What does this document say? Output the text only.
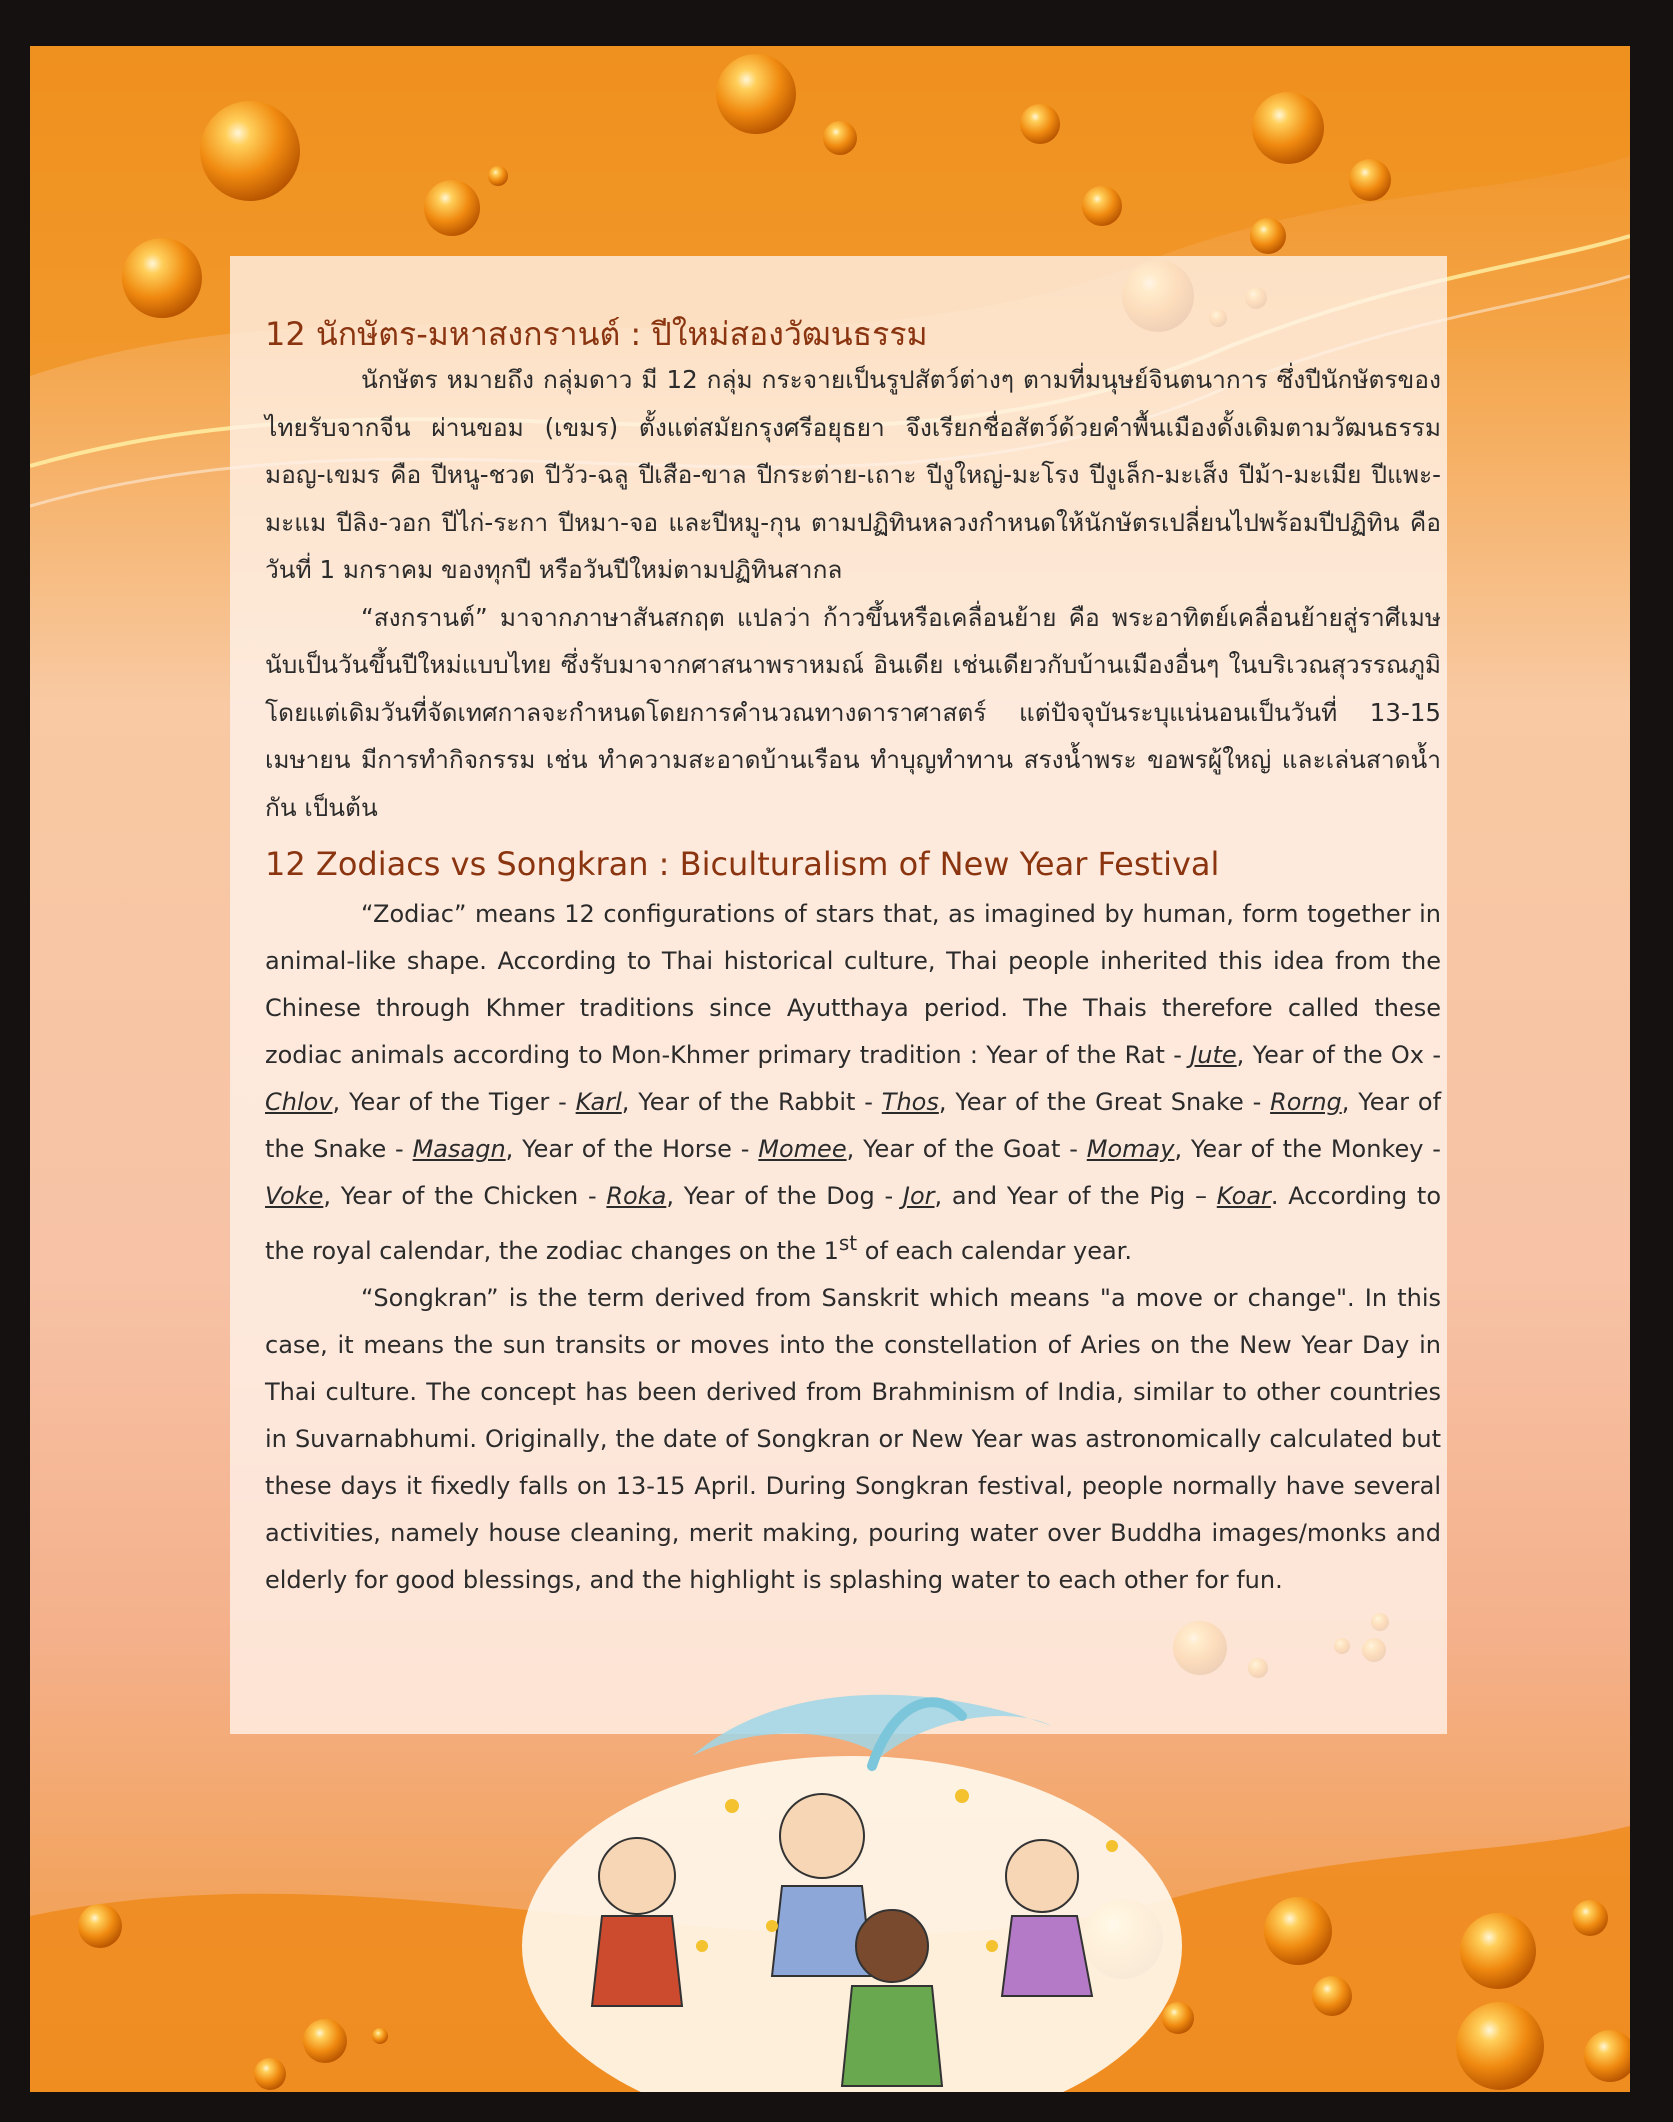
12 นักษัตร-มหาสงกรานต์ : ปีใหม่สองวัฒนธรรม

นักษัตร หมายถึง กลุ่มดาว มี 12 กลุ่ม กระจายเป็นรูปสัตว์ต่างๆ ตามที่มนุษย์จินตนาการ ซึ่งปีนักษัตรของไทยรับจากจีน ผ่านขอม (เขมร) ตั้งแต่สมัยกรุงศรีอยุธยา จึงเรียกชื่อสัตว์ด้วยคำพื้นเมืองดั้งเดิมตามวัฒนธรรมมอญ-เขมร คือ ปีหนู-ชวด ปีวัว-ฉลู ปีเสือ-ขาล ปีกระต่าย-เถาะ ปีงูใหญ่-มะโรง ปีงูเล็ก-มะเส็ง ปีม้า-มะเมีย ปีแพะ-มะแม ปีลิง-วอก ปีไก่-ระกา ปีหมา-จอ และปีหมู-กุน ตามปฏิทินหลวงกำหนดให้นักษัตรเปลี่ยนไปพร้อมปีปฏิทิน คือ วันที่ 1 มกราคม ของทุกปี หรือวันปีใหม่ตามปฏิทินสากล

“สงกรานต์” มาจากภาษาสันสกฤต แปลว่า ก้าวขึ้นหรือเคลื่อนย้าย คือ พระอาทิตย์เคลื่อนย้ายสู่ราศีเมษ นับเป็นวันขึ้นปีใหม่แบบไทย ซึ่งรับมาจากศาสนาพราหมณ์ อินเดีย เช่นเดียวกับบ้านเมืองอื่นๆ ในบริเวณสุวรรณภูมิ โดยแต่เดิมวันที่จัดเทศกาลจะกำหนดโดยการคำนวณทางดาราศาสตร์ แต่ปัจจุบันระบุแน่นอนเป็นวันที่ 13-15 เมษายน มีการทำกิจกรรม เช่น ทำความสะอาดบ้านเรือน ทำบุญทำทาน สรงน้ำพระ ขอพรผู้ใหญ่ และเล่นสาดน้ำกัน เป็นต้น

12 Zodiacs vs Songkran : Biculturalism of New Year Festival

“Zodiac” means 12 configurations of stars that, as imagined by human, form together in animal-like shape. According to Thai historical culture, Thai people inherited this idea from the Chinese through Khmer traditions since Ayutthaya period. The Thais therefore called these zodiac animals according to Mon-Khmer primary tradition : Year of the Rat - Jute, Year of the Ox - Chlov, Year of the Tiger - Karl, Year of the Rabbit - Thos, Year of the Great Snake - Rorng, Year of the Snake - Masagn, Year of the Horse - Momee, Year of the Goat - Momay, Year of the Monkey - Voke, Year of the Chicken - Roka, Year of the Dog - Jor, and Year of the Pig – Koar. According to the royal calendar, the zodiac changes on the 1st of each calendar year.

“Songkran” is the term derived from Sanskrit which means "a move or change". In this case, it means the sun transits or moves into the constellation of Aries on the New Year Day in Thai culture. The concept has been derived from Brahminism of India, similar to other countries in Suvarnabhumi. Originally, the date of Songkran or New Year was astronomically calculated but these days it fixedly falls on 13-15 April. During Songkran festival, people normally have several activities, namely house cleaning, merit making, pouring water over Buddha images/monks and elderly for good blessings, and the highlight is splashing water to each other for fun.
